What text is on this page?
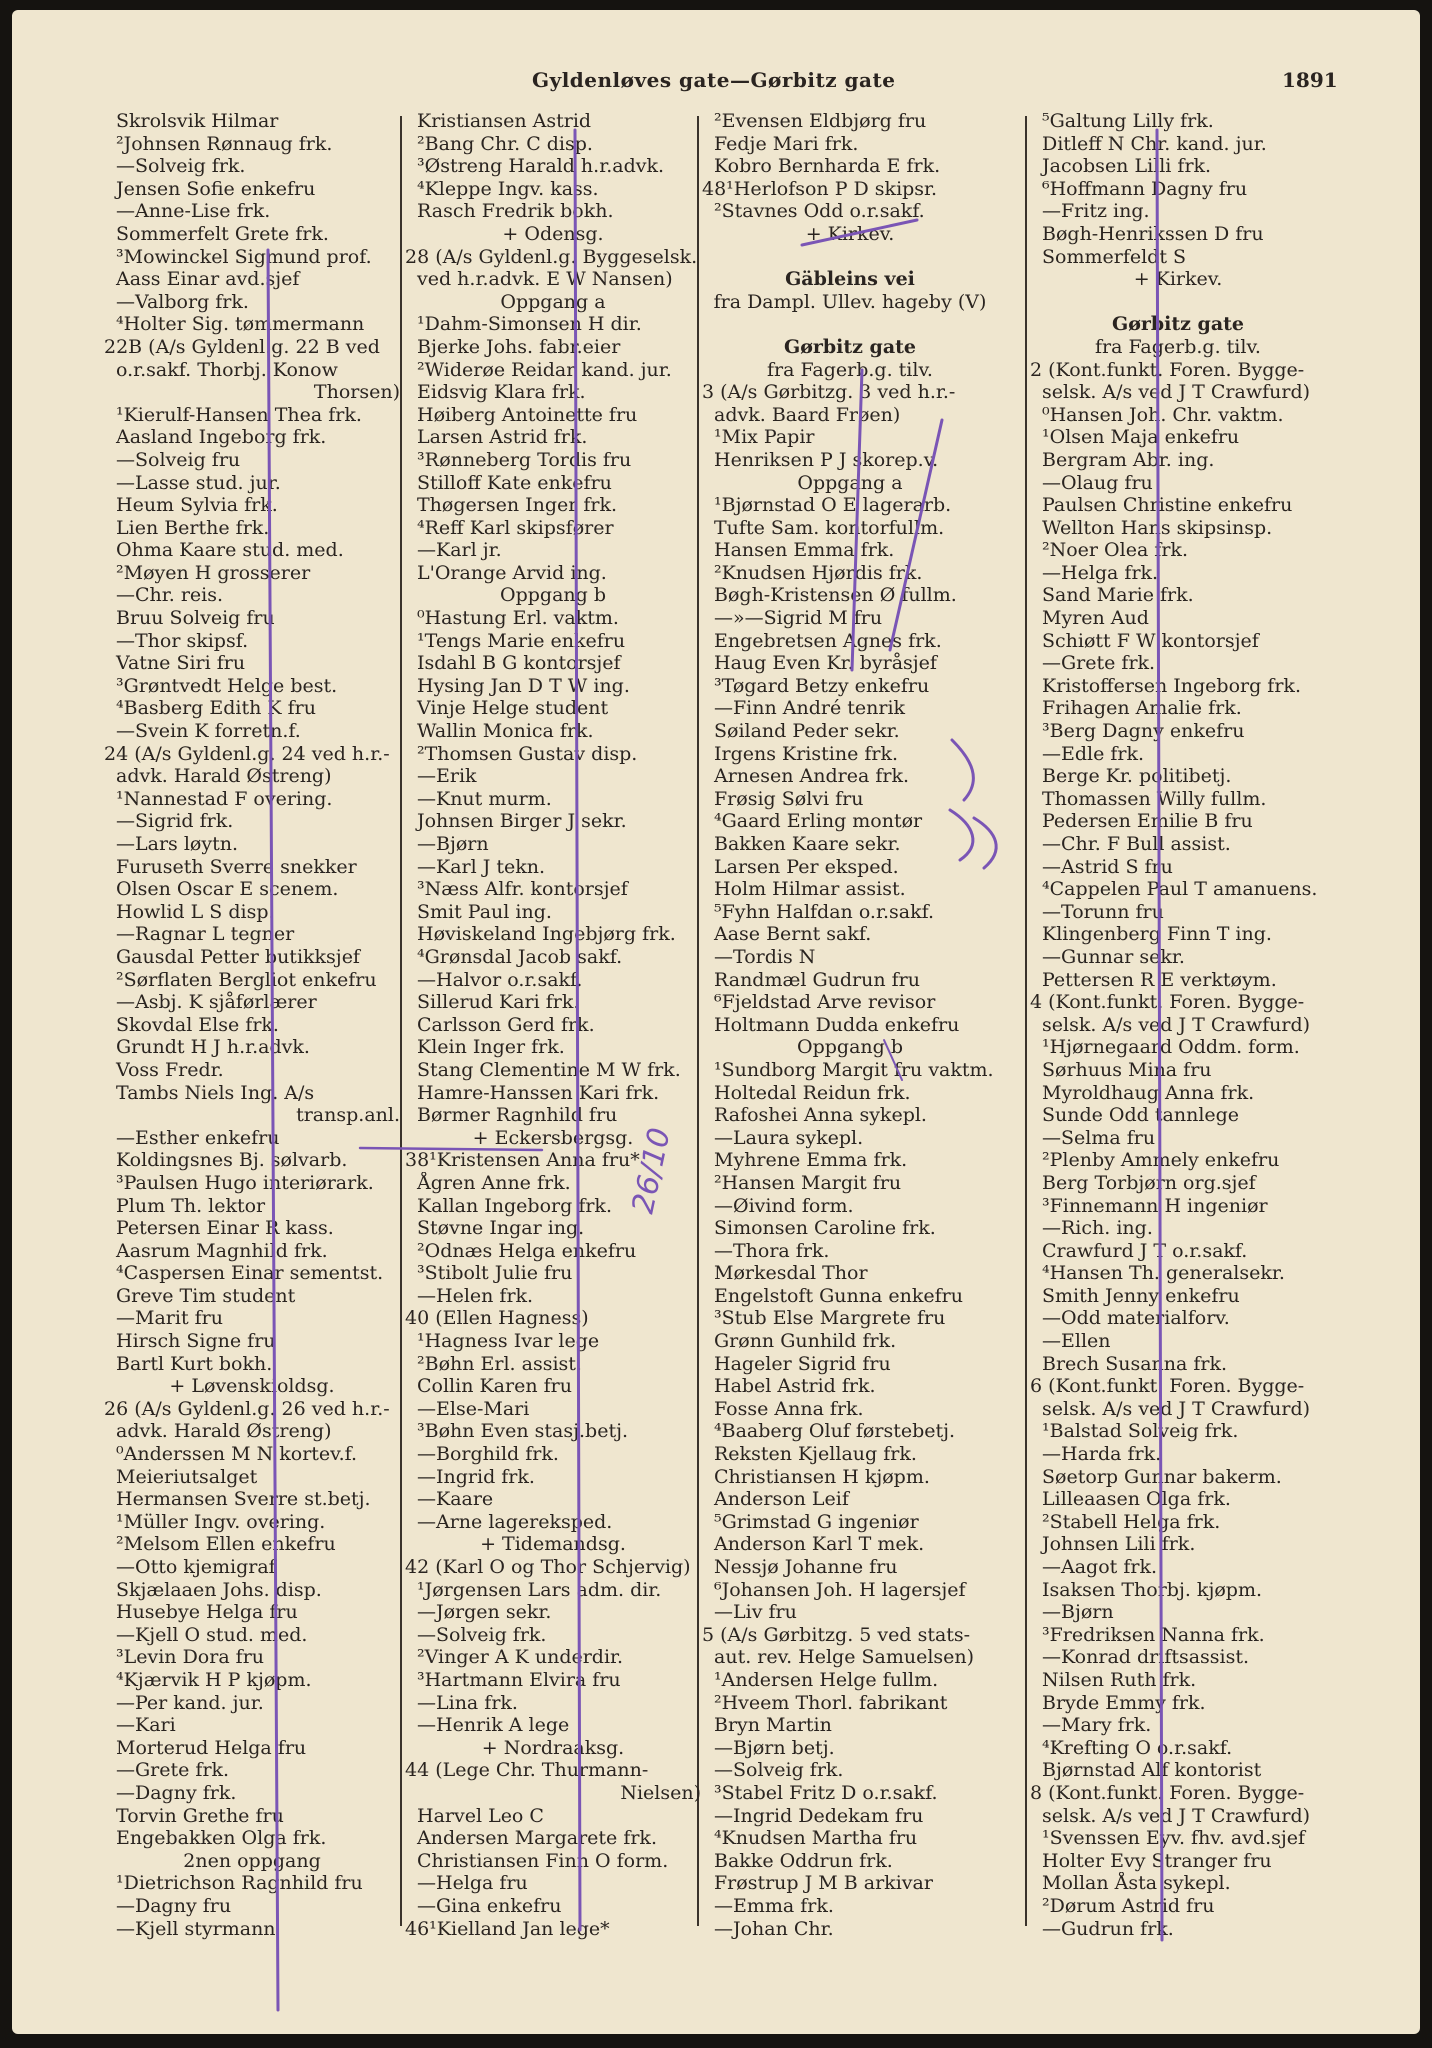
Gyldenløves gate—Gørbitz gate	1891
Skrolsvik Hilmar
²Johnsen Rønnaug frk.
—Solveig frk.
Jensen Sofie enkefru
—Anne-Lise frk.
Sommerfelt Grete frk.
³Mowinckel Sigmund prof.
Aass Einar avd.sjef
—Valborg frk.
⁴Holter Sig. tømmermann
22B (A/s Gyldenl.g. 22 B ved
o.r.sakf. Thorbj. Konow
Thorsen)
¹Kierulf-Hansen Thea frk.
Aasland Ingeborg frk.
—Solveig fru
—Lasse stud. jur.
Heum Sylvia frk.
Lien Berthe frk.
Ohma Kaare stud. med.
²Møyen H grosserer
—Chr. reis.
Bruu Solveig fru
—Thor skipsf.
Vatne Siri fru
³Grøntvedt Helge best.
⁴Basberg Edith K fru
—Svein K forretn.f.
24 (A/s Gyldenl.g. 24 ved h.r.-
advk. Harald Østreng)
¹Nannestad F overing.
—Sigrid frk.
—Lars løytn.
Furuseth Sverre snekker
Olsen Oscar E scenem.
Howlid L S disp.
—Ragnar L tegner
Gausdal Petter butikksjef
²Sørflaten Bergliot enkefru
—Asbj. K sjåførlærer
Skovdal Else frk.
Grundt H J h.r.advk.
Voss Fredr.
Tambs Niels Ing. A/s
transp.anl.
—Esther enkefru
Koldingsnes Bj. sølvarb.
³Paulsen Hugo interiørark.
Plum Th. lektor
Petersen Einar R kass.
Aasrum Magnhild frk.
⁴Caspersen Einar sementst.
Greve Tim student
—Marit fru
Hirsch Signe fru
Bartl Kurt bokh.
+ Løvenskioldsg.
26 (A/s Gyldenl.g. 26 ved h.r.-
advk. Harald Østreng)
⁰Anderssen M N kortev.f.
Meieriutsalget
Hermansen Sverre st.betj.
¹Müller Ingv. overing.
²Melsom Ellen enkefru
—Otto kjemigraf
Skjælaaen Johs. disp.
Husebye Helga fru
—Kjell O stud. med.
³Levin Dora fru
⁴Kjærvik H P kjøpm.
—Per kand. jur.
—Kari
Morterud Helga fru
—Grete frk.
—Dagny frk.
Torvin Grethe fru
Engebakken Olga frk.
2nen oppgang
¹Dietrichson Ragnhild fru
—Dagny fru
—Kjell styrmann
Kristiansen Astrid
²Bang Chr. C disp.
³Østreng Harald h.r.advk.
⁴Kleppe Ingv. kass.
Rasch Fredrik bokh.
+ Odensg.
28 (A/s Gyldenl.g. Byggeselsk.
ved h.r.advk. E W Nansen)
Oppgang a
¹Dahm-Simonsen H dir.
Bjerke Johs. fabr.eier
²Widerøe Reidar kand. jur.
Eidsvig Klara frk.
Høiberg Antoinette fru
Larsen Astrid frk.
³Rønneberg Tordis fru
Stilloff Kate enkefru
Thøgersen Inger frk.
⁴Reff Karl skipsfører
—Karl jr.
L'Orange Arvid ing.
Oppgang b
⁰Hastung Erl. vaktm.
¹Tengs Marie enkefru
Isdahl B G kontorsjef
Hysing Jan D T W ing.
Vinje Helge student
Wallin Monica frk.
²Thomsen Gustav disp.
—Erik
—Knut murm.
Johnsen Birger J sekr.
—Bjørn
—Karl J tekn.
³Næss Alfr. kontorsjef
Smit Paul ing.
Høviskeland Ingebjørg frk.
⁴Grønsdal Jacob sakf.
—Halvor o.r.sakf.
Sillerud Kari frk.
Carlsson Gerd frk.
Klein Inger frk.
Stang Clementine M W frk.
Hamre-Hanssen Kari frk.
Børmer Ragnhild fru
+ Eckersbergsg.
38¹Kristensen Anna fru*
Ågren Anne frk.
Kallan Ingeborg frk.
Støvne Ingar ing.
²Odnæs Helga enkefru
³Stibolt Julie fru
—Helen frk.
40 (Ellen Hagness)
¹Hagness Ivar lege
²Bøhn Erl. assist.
Collin Karen fru
—Else-Mari
³Bøhn Even stasj.betj.
—Borghild frk.
—Ingrid frk.
—Kaare
—Arne lagereksped.
+ Tidemandsg.
42 (Karl O og Thor Schjervig)
¹Jørgensen Lars adm. dir.
—Jørgen sekr.
—Solveig frk.
²Vinger A K underdir.
³Hartmann Elvira fru
—Lina frk.
—Henrik A lege
+ Nordraaksg.
44 (Lege Chr. Thurmann-
Nielsen)
Harvel Leo C
Andersen Margarete frk.
Christiansen Finn O form.
—Helga fru
—Gina enkefru
46¹Kielland Jan lege*
²Evensen Eldbjørg fru
Fedje Mari frk.
Kobro Bernharda E frk.
48¹Herlofson P D skipsr.
²Stavnes Odd o.r.sakf.
+ Kirkev.
Gäbleins vei
fra Dampl. Ullev. hageby (V)
Gørbitz gate
fra Fagerb.g. tilv.
3 (A/s Gørbitzg. 3 ved h.r.-
advk. Baard Frøen)
¹Mix Papir
Henriksen P J skorep.v.
Oppgang a
¹Bjørnstad O E lagerarb.
Tufte Sam. kontorfullm.
Hansen Emma frk.
²Knudsen Hjørdis frk.
Bøgh-Kristensen Ø fullm.
—»—Sigrid M fru
Engebretsen Agnes frk.
Haug Even Kr. byråsjef
³Tøgard Betzy enkefru
—Finn André tenrik
Søiland Peder sekr.
Irgens Kristine frk.
Arnesen Andrea frk.
Frøsig Sølvi fru
⁴Gaard Erling montør
Bakken Kaare sekr.
Larsen Per eksped.
Holm Hilmar assist.
⁵Fyhn Halfdan o.r.sakf.
Aase Bernt sakf.
—Tordis N
Randmæl Gudrun fru
⁶Fjeldstad Arve revisor
Holtmann Dudda enkefru
Oppgang b
¹Sundborg Margit fru vaktm.
Holtedal Reidun frk.
Rafoshei Anna sykepl.
—Laura sykepl.
Myhrene Emma frk.
²Hansen Margit fru
—Øivind form.
Simonsen Caroline frk.
—Thora frk.
Mørkesdal Thor
Engelstoft Gunna enkefru
³Stub Else Margrete fru
Grønn Gunhild frk.
Hageler Sigrid fru
Habel Astrid frk.
Fosse Anna frk.
⁴Baaberg Oluf førstebetj.
Reksten Kjellaug frk.
Christiansen H kjøpm.
Anderson Leif
⁵Grimstad G ingeniør
Anderson Karl T mek.
Nessjø Johanne fru
⁶Johansen Joh. H lagersjef
—Liv fru
5 (A/s Gørbitzg. 5 ved stats-
aut. rev. Helge Samuelsen)
¹Andersen Helge fullm.
²Hveem Thorl. fabrikant
Bryn Martin
—Bjørn betj.
—Solveig frk.
³Stabel Fritz D o.r.sakf.
—Ingrid Dedekam fru
⁴Knudsen Martha fru
Bakke Oddrun frk.
Frøstrup J M B arkivar
—Emma frk.
—Johan Chr.
⁵Galtung Lilly frk.
Ditleff N Chr. kand. jur.
Jacobsen Lilli frk.
⁶Hoffmann Dagny fru
—Fritz ing.
Bøgh-Henrikssen D fru
Sommerfeldt S
+ Kirkev.
Gørbitz gate
fra Fagerb.g. tilv.
2 (Kont.funkt. Foren. Bygge-
selsk. A/s ved J T Crawfurd)
⁰Hansen Joh. Chr. vaktm.
¹Olsen Maja enkefru
Bergram Abr. ing.
—Olaug fru
Paulsen Christine enkefru
Wellton Hans skipsinsp.
²Noer Olea frk.
—Helga frk.
Sand Marie frk.
Myren Aud
Schiøtt F W kontorsjef
—Grete frk.
Kristoffersen Ingeborg frk.
Frihagen Amalie frk.
³Berg Dagny enkefru
—Edle frk.
Berge Kr. politibetj.
Thomassen Willy fullm.
Pedersen Emilie B fru
—Chr. F Bull assist.
—Astrid S fru
⁴Cappelen Paul T amanuens.
—Torunn fru
Klingenberg Finn T ing.
—Gunnar sekr.
Pettersen R E verktøym.
4 (Kont.funkt. Foren. Bygge-
selsk. A/s ved J T Crawfurd)
¹Hjørnegaard Oddm. form.
Sørhuus Mina fru
Myroldhaug Anna frk.
Sunde Odd tannlege
—Selma fru
²Plenby Ammely enkefru
Berg Torbjørn org.sjef
³Finnemann H ingeniør
—Rich. ing.
Crawfurd J T o.r.sakf.
⁴Hansen Th. generalsekr.
Smith Jenny enkefru
—Odd materialforv.
—Ellen
Brech Susanna frk.
6 (Kont.funkt. Foren. Bygge-
selsk. A/s ved J T Crawfurd)
¹Balstad Solveig frk.
—Harda frk.
Søetorp Gunnar bakerm.
Lilleaasen Olga frk.
²Stabell Helga frk.
Johnsen Lili frk.
—Aagot frk.
Isaksen Thorbj. kjøpm.
—Bjørn
³Fredriksen Nanna frk.
—Konrad driftsassist.
Nilsen Ruth frk.
Bryde Emmy frk.
—Mary frk.
⁴Krefting O o.r.sakf.
Bjørnstad Alf kontorist
8 (Kont.funkt. Foren. Bygge-
selsk. A/s ved J T Crawfurd)
¹Svenssen Eyv. fhv. avd.sjef
Holter Evy Stranger fru
Mollan Åsta sykepl.
²Dørum Astrid fru
—Gudrun frk.
26/10
